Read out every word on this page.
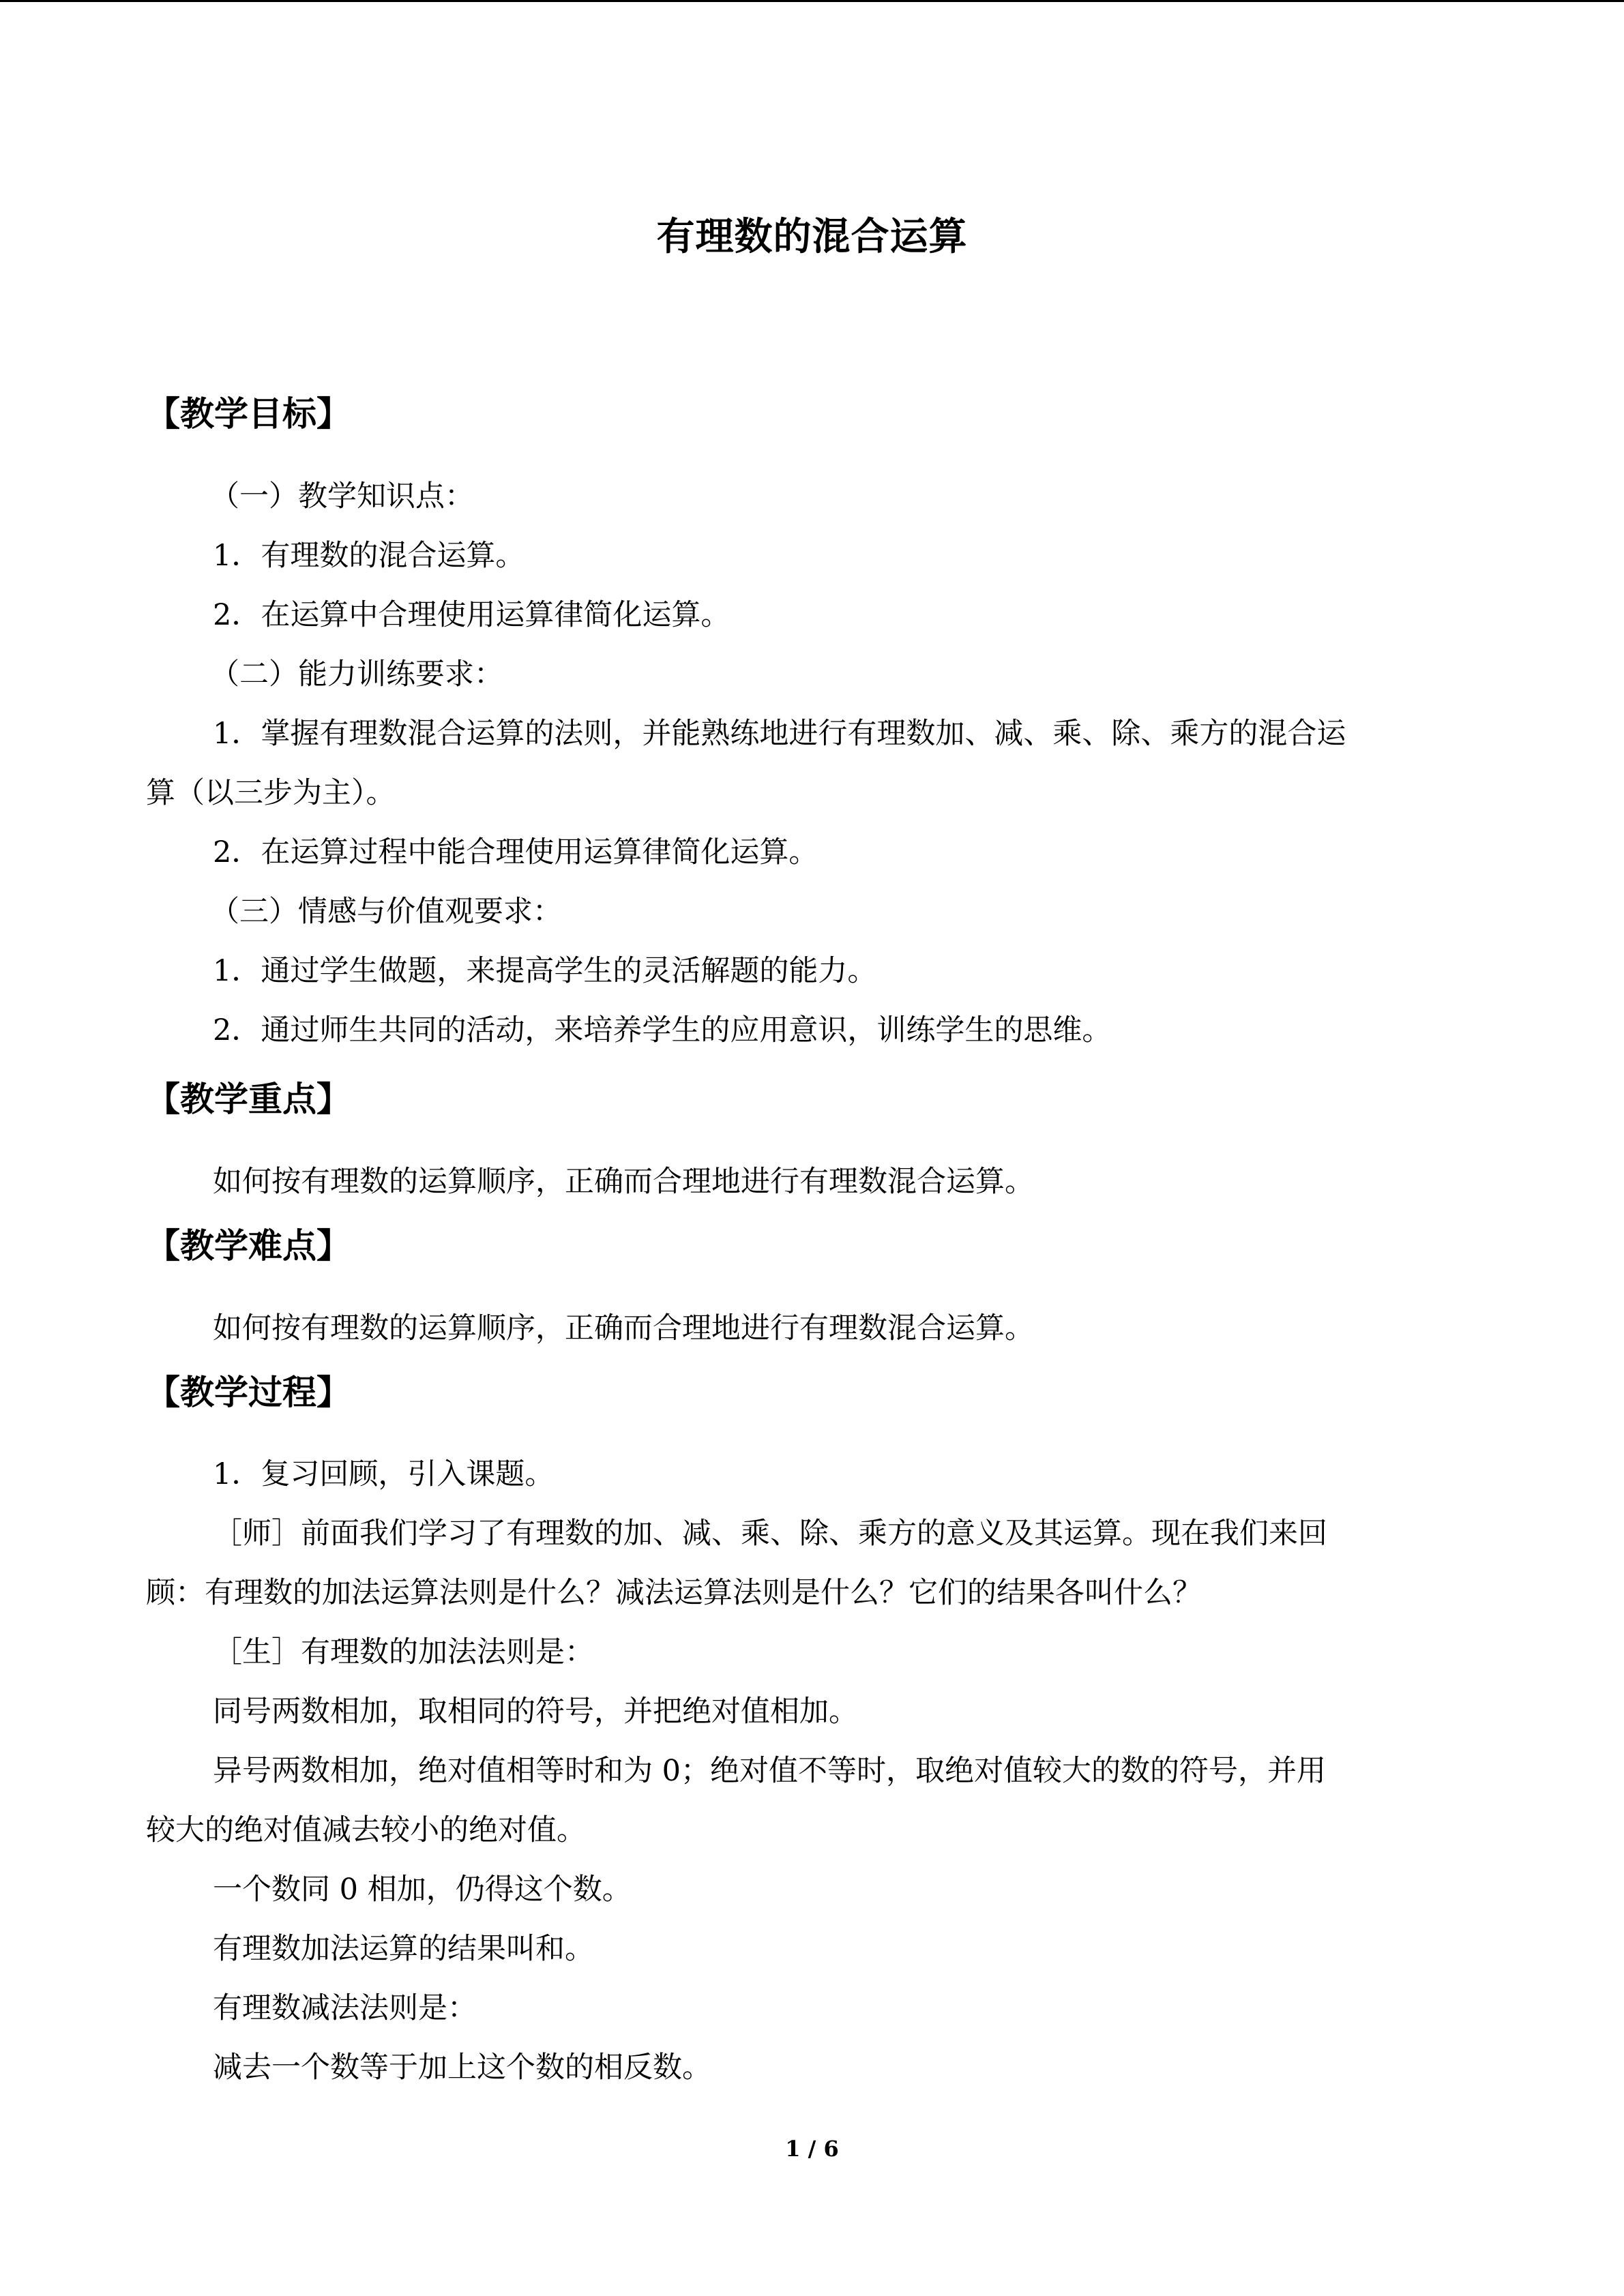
有理数的混合运算
【教学目标】
（一）教学知识点：
1．有理数的混合运算。
2．在运算中合理使用运算律简化运算。
（二）能力训练要求：
1．掌握有理数混合运算的法则，并能熟练地进行有理数加、减、乘、除、乘方的混合运
算（以三步为主）。
2．在运算过程中能合理使用运算律简化运算。
（三）情感与价值观要求：
1．通过学生做题，来提高学生的灵活解题的能力。
2．通过师生共同的活动，来培养学生的应用意识，训练学生的思维。
【教学重点】
如何按有理数的运算顺序，正确而合理地进行有理数混合运算。
【教学难点】
如何按有理数的运算顺序，正确而合理地进行有理数混合运算。
【教学过程】
1．复习回顾，引入课题。
［师］前面我们学习了有理数的加、减、乘、除、乘方的意义及其运算。现在我们来回
顾：有理数的加法运算法则是什么？减法运算法则是什么？它们的结果各叫什么？
［生］有理数的加法法则是：
同号两数相加，取相同的符号，并把绝对值相加。
异号两数相加，绝对值相等时和为 0；绝对值不等时，取绝对值较大的数的符号，并用
较大的绝对值减去较小的绝对值。
一个数同 0 相加，仍得这个数。
有理数加法运算的结果叫和。
有理数减法法则是：
减去一个数等于加上这个数的相反数。
1 / 6
